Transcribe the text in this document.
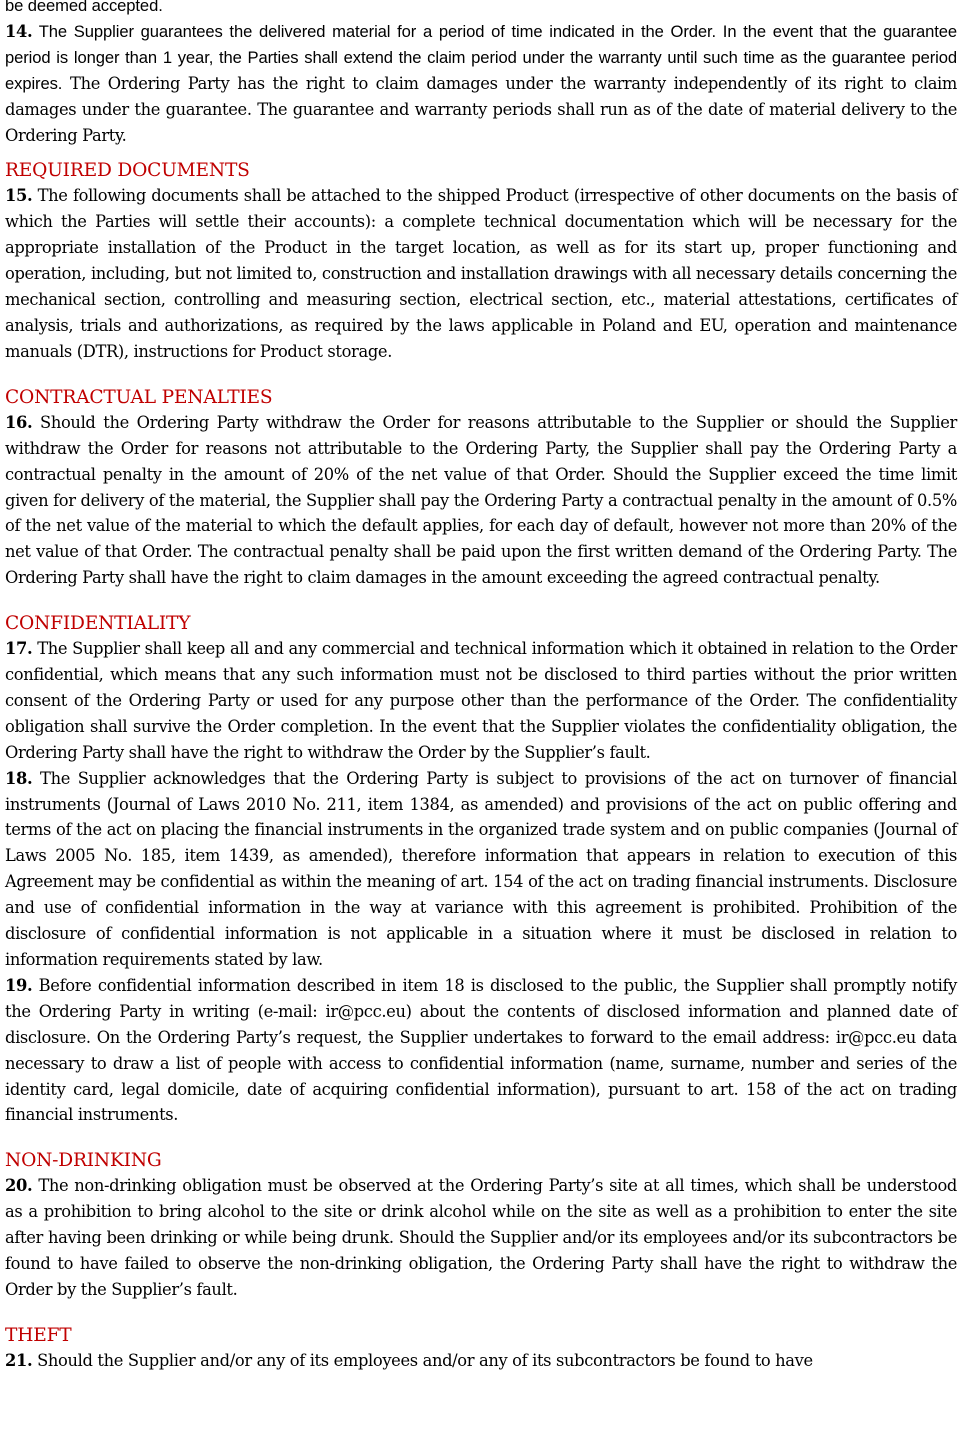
be deemed accepted.

14. The Supplier guarantees the delivered material for a period of time indicated in the Order. In the event that the guarantee period is longer than 1 year, the Parties shall extend the claim period under the warranty until such time as the guarantee period expires. The Ordering Party has the right to claim damages under the warranty independently of its right to claim damages under the guarantee. The guarantee and warranty periods shall run as of the date of material delivery to the Ordering Party.

REQUIRED DOCUMENTS

15. The following documents shall be attached to the shipped Product (irrespective of other documents on the basis of which the Parties will settle their accounts): a complete technical documentation which will be necessary for the appropriate installation of the Product in the target location, as well as for its start up, proper functioning and operation, including, but not limited to, construction and installation drawings with all necessary details concerning the mechanical section, controlling and measuring section, electrical section, etc., material attestations, certificates of analysis, trials and authorizations, as required by the laws applicable in Poland and EU, operation and maintenance manuals (DTR), instructions for Product storage.

CONTRACTUAL PENALTIES

16. Should the Ordering Party withdraw the Order for reasons attributable to the Supplier or should the Supplier withdraw the Order for reasons not attributable to the Ordering Party, the Supplier shall pay the Ordering Party a contractual penalty in the amount of 20% of the net value of that Order. Should the Supplier exceed the time limit given for delivery of the material, the Supplier shall pay the Ordering Party a contractual penalty in the amount of 0.5% of the net value of the material to which the default applies, for each day of default, however not more than 20% of the net value of that Order. The contractual penalty shall be paid upon the first written demand of the Ordering Party. The Ordering Party shall have the right to claim damages in the amount exceeding the agreed contractual penalty.

CONFIDENTIALITY

17. The Supplier shall keep all and any commercial and technical information which it obtained in relation to the Order confidential, which means that any such information must not be disclosed to third parties without the prior written consent of the Ordering Party or used for any purpose other than the performance of the Order. The confidentiality obligation shall survive the Order completion. In the event that the Supplier violates the confidentiality obligation, the Ordering Party shall have the right to withdraw the Order by the Supplier’s fault.

18. The Supplier acknowledges that the Ordering Party is subject to provisions of the act on turnover of financial instruments (Journal of Laws 2010 No. 211, item 1384, as amended) and provisions of the act on public offering and terms of the act on placing the financial instruments in the organized trade system and on public companies (Journal of Laws 2005 No. 185, item 1439, as amended), therefore information that appears in relation to execution of this Agreement may be confidential as within the meaning of art. 154 of the act on trading financial instruments. Disclosure and use of confidential information in the way at variance with this agreement is prohibited. Prohibition of the disclosure of confidential information is not applicable in a situation where it must be disclosed in relation to information requirements stated by law.

19. Before confidential information described in item 18 is disclosed to the public, the Supplier shall promptly notify the Ordering Party in writing (e-mail: ir@pcc.eu) about the contents of disclosed information and planned date of disclosure. On the Ordering Party’s request, the Supplier undertakes to forward to the email address: ir@pcc.eu data necessary to draw a list of people with access to confidential information (name, surname, number and series of the identity card, legal domicile, date of acquiring confidential information), pursuant to art. 158 of the act on trading financial instruments.

NON-DRINKING

20. The non-drinking obligation must be observed at the Ordering Party’s site at all times, which shall be understood as a prohibition to bring alcohol to the site or drink alcohol while on the site as well as a prohibition to enter the site after having been drinking or while being drunk. Should the Supplier and/or its employees and/or its subcontractors be found to have failed to observe the non-drinking obligation, the Ordering Party shall have the right to withdraw the Order by the Supplier’s fault.

THEFT

21. Should the Supplier and/or any of its employees and/or any of its subcontractors be found to have
